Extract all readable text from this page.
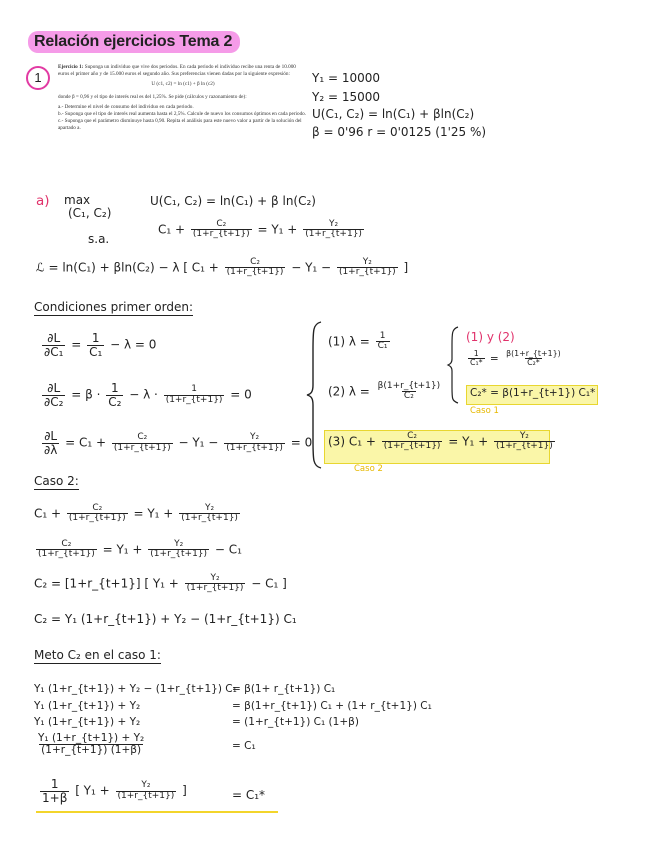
Relación ejercicios Tema 2
1

Ejercicio 1: Suponga un individuo que vive dos periodos. En cada periodo el individuo recibe una renta de 10.000 euros el primer año y de 15.000 euros el segundo año. Sus preferencias vienen dadas por la siguiente expresión:

U (c1, c2) = ln (c1) + β ln (c2)

donde β = 0,96 y el tipo de interés real es del 1,25%. Se pide (cálculos y razonamiento de):

a.- Determine el nivel de consumo del individuo en cada periodo.

b.- Suponga que el tipo de interés real aumenta hasta el 2,5%. Calcule de nuevo los consumos óptimos en cada periodo.

c.- Suponga que el parámetro disminuye hasta 0,90. Repita el análisis para este nuevo valor a partir de la solución del apartado a.

Y₁ = 10000
Y₂ = 15000
U(C₁, C₂) = ln(C₁) + βln(C₂)
β = 0'96 r = 0'0125 (1'25 %)
a) max
(C₁, C₂)
U(C₁, C₂) = ln(C₁) + β ln(C₂)
s.a.
$C_1 + \frac{\text{C₂}}{(1+r\_\{t+1\})} = Y_1 + \frac{\text{Y₂}}{(1+r\_\{t+1\})}$
ℒ = ln(C₁) + βln(C₂) − λ [ $C_1 + \frac{\text{C₂}}{(1+r\_\{t+1\})} - Y_1 - \frac{\text{Y₂}}{(1+r\_\{t+1\})}$ ]
Condiciones primer orden:
$\frac{\partial L}{\text{∂C₁}} = \frac{1}{\text{C₁}} - \lambda = 0$
$\frac{\partial L}{\text{∂C₂}} = \beta \cdot \frac{1}{\text{C₂}} - \lambda \cdot \frac{1}{(1+r\_\{t+1\})} = 0$
$\frac{\partial L}{\partial\lambda} = C_1 + \frac{\text{C₂}}{(1+r\_\{t+1\})} - Y_1 - \frac{\text{Y₂}}{(1+r\_\{t+1\})} = 0$
(1) $\lambda = \frac{1}{\text{C₁}}$
(2) $\lambda = \frac{\beta(1+r\_\{t+1\})}{\text{C₂}}$
(3) $C_1 + \frac{\text{C₂}}{(1+r\_\{t+1\})} = Y_1 + \frac{\text{Y₂}}{(1+r\_\{t+1\})}$
Caso 2
(1) y (2)
$\frac{1}{\text{C₁*}} = \frac{\beta(1+r\_\{t+1\})}{\text{C₂*}}$
C₂* = β(1+r_{t+1}) C₁*
Caso 1
Caso 2:
$C_1 + \frac{\text{C₂}}{(1+r\_\{t+1\})} = Y_1 + \frac{\text{Y₂}}{(1+r\_\{t+1\})}$
$\frac{\text{C₂}}{(1+r\_\{t+1\})} = Y_1 + \frac{\text{Y₂}}{(1+r\_\{t+1\})} - C_1$
C₂ = [1+r_{t+1}] [ $Y_1 + \frac{\text{Y₂}}{(1+r\_\{t+1\})} - C_1$ ]
C₂ = Y₁ (1+r_{t+1}) + Y₂ − (1+r_{t+1}) C₁
Meto C₂ en el caso 1:
Y₁ (1+r_{t+1}) + Y₂ − (1+r_{t+1}) C₁
= β(1+ r_{t+1}) C₁
Y₁ (1+r_{t+1}) + Y₂	= β(1+r_{t+1}) C₁ + (1+ r_{t+1}) C₁
Y₁ (1+r_{t+1}) + Y₂	= (1+r_{t+1}) C₁ (1+β)
$\frac{\text{Y₁ (1+r\_\{t+1\}) + Y₂}}{(1+r\_\{t+1\}) (1+\beta)}$	= C₁
$\frac{1}{1+\beta}$ [ $Y_1 + \frac{\text{Y₂}}{(1+r\_\{t+1\})}$ ]	= C₁*
